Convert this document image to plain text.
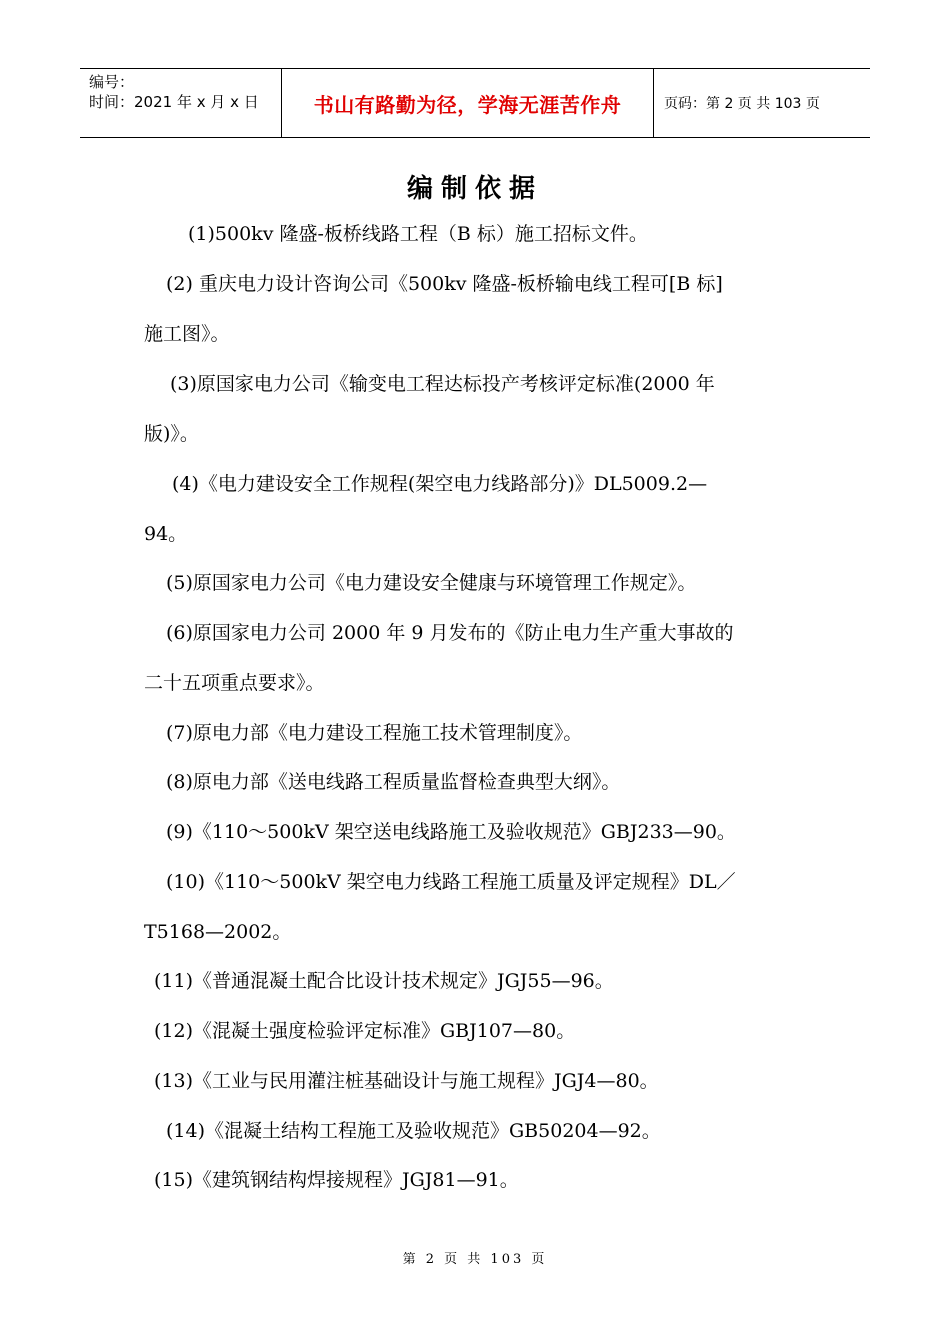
编号：
时间：2021 年 x 月 x 日	书山有路勤为径，学海无涯苦作舟	页码：第 2 页 共 103 页
编制依据
(1)500kv 隆盛-板桥线路工程（B 标）施工招标文件。
(2) 重庆电力设计咨询公司《500kv 隆盛-板桥输电线工程可[B 标]
施工图》。
(3)原国家电力公司《输变电工程达标投产考核评定标准(2000 年
版)》。
(4)《电力建设安全工作规程(架空电力线路部分)》DL5009.2—
94。
(5)原国家电力公司《电力建设安全健康与环境管理工作规定》。
(6)原国家电力公司 2000 年 9 月发布的《防止电力生产重大事故的
二十五项重点要求》。
(7)原电力部《电力建设工程施工技术管理制度》。
(8)原电力部《送电线路工程质量监督检查典型大纲》。
(9)《110～500kV 架空送电线路施工及验收规范》GBJ233—90。
(10)《110～500kV 架空电力线路工程施工质量及评定规程》DL／
T5168—2002。
(11)《普通混凝土配合比设计技术规定》JGJ55—96。
(12)《混凝土强度检验评定标准》GBJ107—80。
(13)《工业与民用灌注桩基础设计与施工规程》JGJ4—80。
(14)《混凝土结构工程施工及验收规范》GB50204—92。
(15)《建筑钢结构焊接规程》JGJ81—91。
第 2 页 共 103 页
